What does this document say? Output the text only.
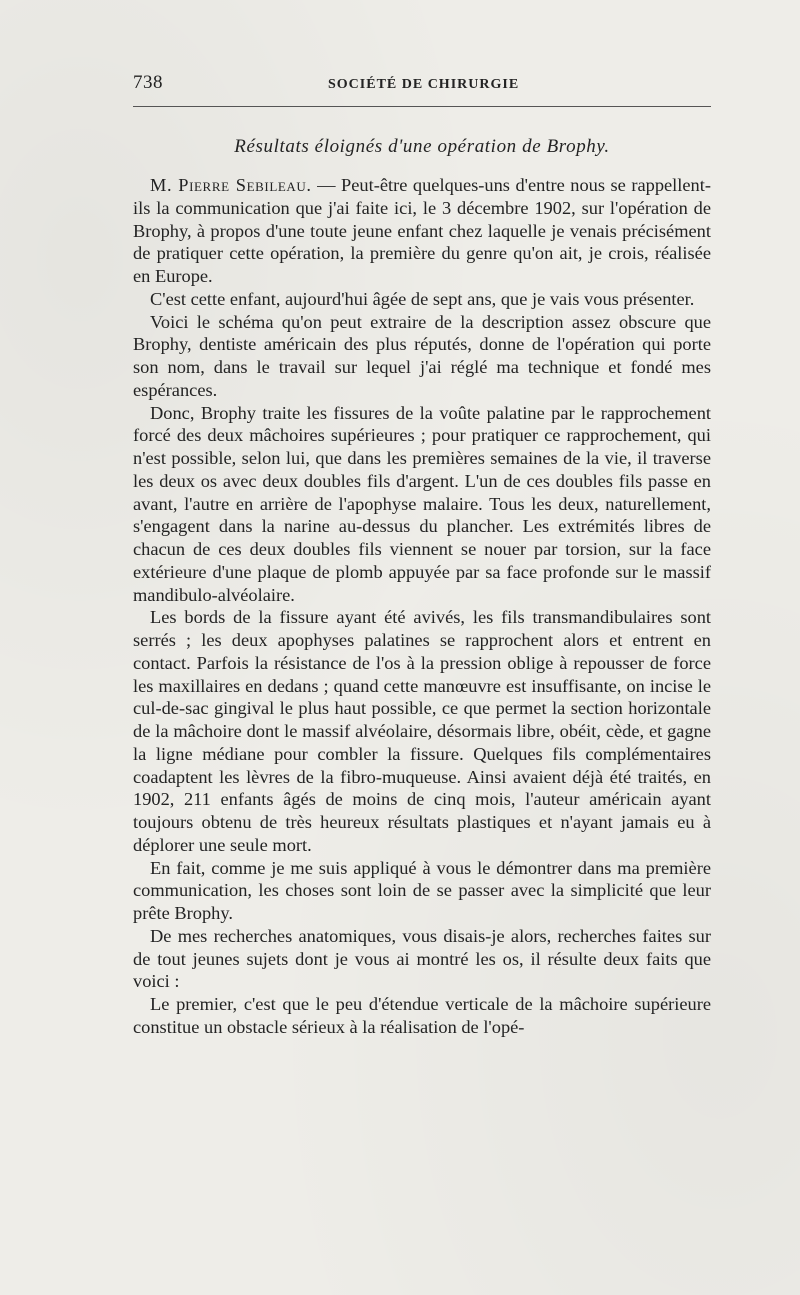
738	SOCIÉTÉ DE CHIRURGIE
Résultats éloignés d'une opération de Brophy.

M. Pierre Sebileau. — Peut-être quelques-uns d'entre nous se rappellent-ils la communication que j'ai faite ici, le 3 décembre 1902, sur l'opération de Brophy, à propos d'une toute jeune enfant chez laquelle je venais précisément de pratiquer cette opération, la première du genre qu'on ait, je crois, réalisée en Europe.

C'est cette enfant, aujourd'hui âgée de sept ans, que je vais vous présenter.

Voici le schéma qu'on peut extraire de la description assez obscure que Brophy, dentiste américain des plus réputés, donne de l'opération qui porte son nom, dans le travail sur lequel j'ai réglé ma technique et fondé mes espérances.

Donc, Brophy traite les fissures de la voûte palatine par le rapprochement forcé des deux mâchoires supérieures ; pour pratiquer ce rapprochement, qui n'est possible, selon lui, que dans les premières semaines de la vie, il traverse les deux os avec deux doubles fils d'argent. L'un de ces doubles fils passe en avant, l'autre en arrière de l'apophyse malaire. Tous les deux, naturellement, s'engagent dans la narine au-dessus du plancher. Les extrémités libres de chacun de ces deux doubles fils viennent se nouer par torsion, sur la face extérieure d'une plaque de plomb appuyée par sa face profonde sur le massif mandibulo-alvéolaire.

Les bords de la fissure ayant été avivés, les fils transmandibulaires sont serrés ; les deux apophyses palatines se rapprochent alors et entrent en contact. Parfois la résistance de l'os à la pression oblige à repousser de force les maxillaires en dedans ; quand cette manœuvre est insuffisante, on incise le cul-de-sac gingival le plus haut possible, ce que permet la section horizontale de la mâchoire dont le massif alvéolaire, désormais libre, obéit, cède, et gagne la ligne médiane pour combler la fissure. Quelques fils complémentaires coadaptent les lèvres de la fibro-muqueuse. Ainsi avaient déjà été traités, en 1902, 211 enfants âgés de moins de cinq mois, l'auteur américain ayant toujours obtenu de très heureux résultats plastiques et n'ayant jamais eu à déplorer une seule mort.

En fait, comme je me suis appliqué à vous le démontrer dans ma première communication, les choses sont loin de se passer avec la simplicité que leur prête Brophy.

De mes recherches anatomiques, vous disais-je alors, recherches faites sur de tout jeunes sujets dont je vous ai montré les os, il résulte deux faits que voici :

Le premier, c'est que le peu d'étendue verticale de la mâchoire supérieure constitue un obstacle sérieux à la réalisation de l'opé-
